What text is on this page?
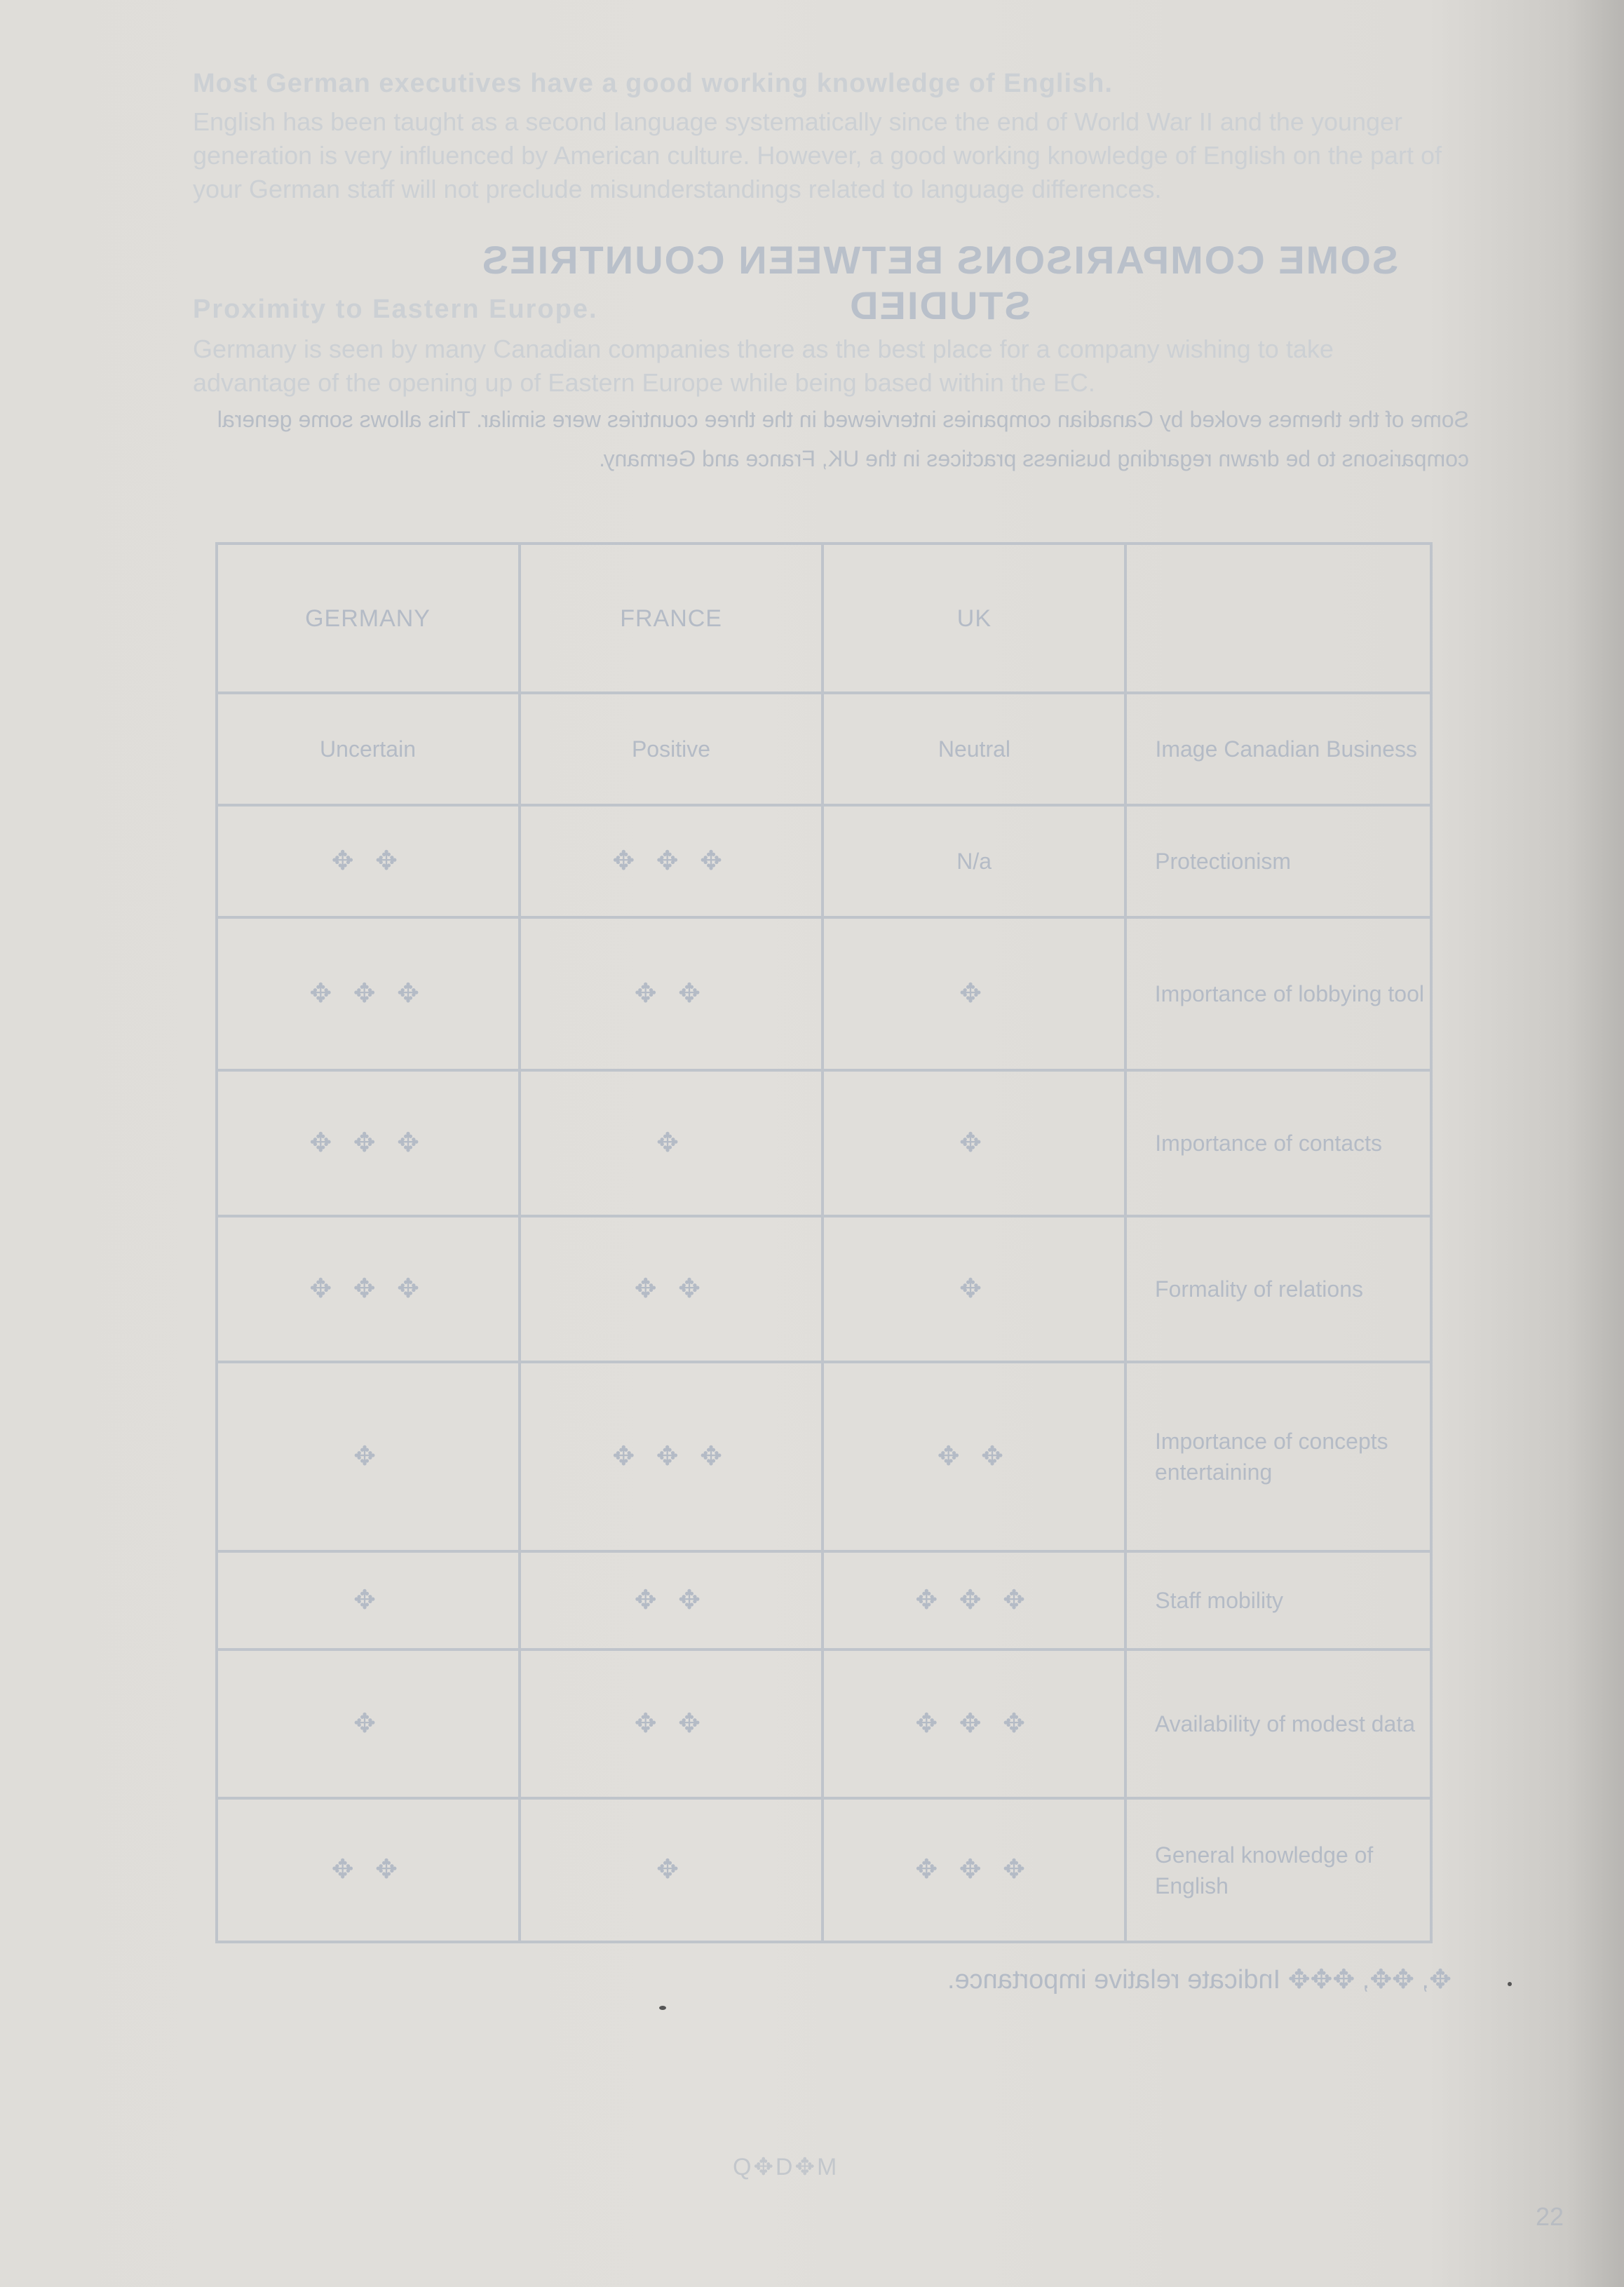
Most German executives have a good working knowledge of English.
English has been taught as a second language systematically since the end of World War II and the younger generation is very influenced by American culture. However, a good working knowledge of English on the part of your German staff will not preclude misunderstandings related to language differences.
Proximity to Eastern Europe.
Germany is seen by many Canadian companies there as the best place for a company wishing to take advantage of the opening up of Eastern Europe while being based within the EC.
SOME COMPARISONS BETWEEN COUNTRIES STUDIED
Some of the themes evoked by Canadian companies interviewed in the three countries were similar. This allows some general comparisons to be drawn regarding business practices in the UK, France and Germany.
	UK	FRANCE	GERMANY
Image Canadian Business	Neutral	Positive	Uncertain
Protectionism	N/a	✥ ✥ ✥	✥ ✥
Importance of lobbying tool	✥	✥ ✥	✥ ✥ ✥
Importance of contacts	✥	✥	✥ ✥ ✥
Formality of relations	✥	✥ ✥	✥ ✥ ✥
Importance of concepts entertaining	✥ ✥	✥ ✥ ✥	✥
Staff mobility	✥ ✥ ✥	✥ ✥	✥
Availability of modest data	✥ ✥ ✥	✥ ✥	✥
General knowledge of English	✥ ✥ ✥	✥	✥ ✥
✥, ✥✥, ✥✥✥ Indicate relative importance.
Q✥D✥M
22
